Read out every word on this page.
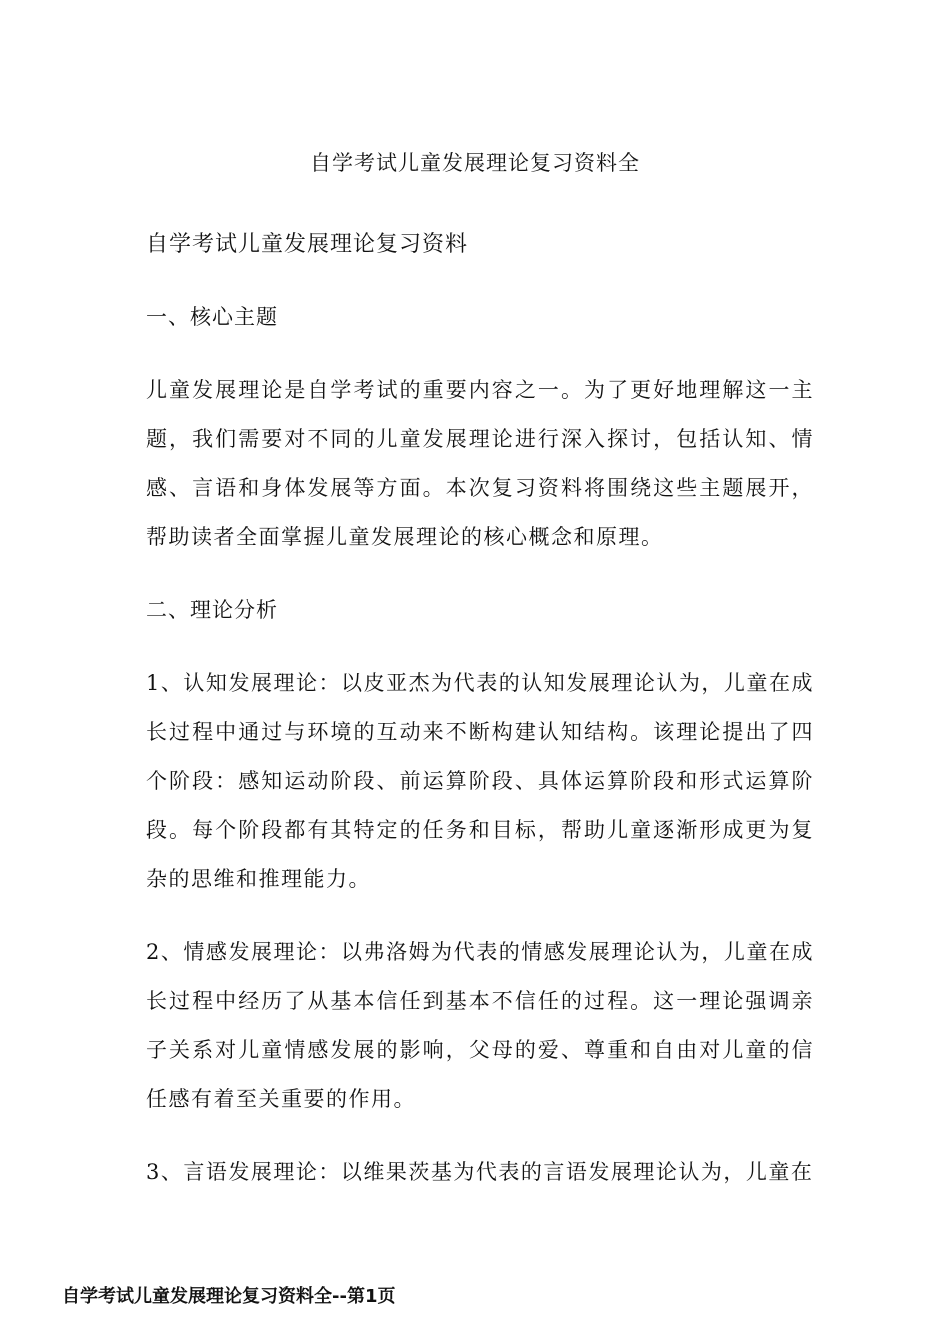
自学考试儿童发展理论复习资料全

自学考试儿童发展理论复习资料

一、核心主题

儿童发展理论是自学考试的重要内容之一。为了更好地理解这一主题，我们需要对不同的儿童发展理论进行深入探讨，包括认知、情感、言语和身体发展等方面。本次复习资料将围绕这些主题展开，帮助读者全面掌握儿童发展理论的核心概念和原理。

二、理论分析

1、认知发展理论：以皮亚杰为代表的认知发展理论认为，儿童在成长过程中通过与环境的互动来不断构建认知结构。该理论提出了四个阶段：感知运动阶段、前运算阶段、具体运算阶段和形式运算阶段。每个阶段都有其特定的任务和目标，帮助儿童逐渐形成更为复杂的思维和推理能力。

2、情感发展理论：以弗洛姆为代表的情感发展理论认为，儿童在成长过程中经历了从基本信任到基本不信任的过程。这一理论强调亲子关系对儿童情感发展的影响，父母的爱、尊重和自由对儿童的信任感有着至关重要的作用。

3、言语发展理论：以维果茨基为代表的言语发展理论认为，儿童在

自学考试儿童发展理论复习资料全--第1页
